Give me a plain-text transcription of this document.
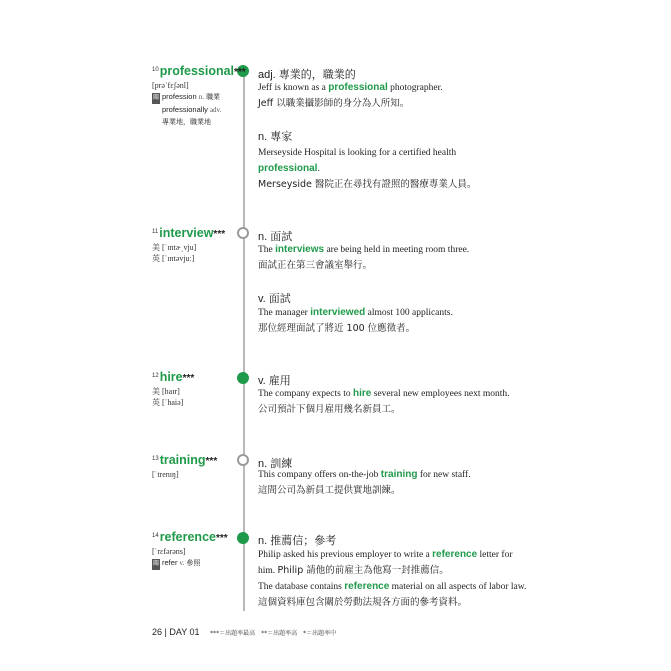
$^{10}$professional***
[prəˈfɛʃənl]
關 profession n. 職業
professionally adv.
專業地，職業地
adj. 專業的，職業的
Jeff is known as a professional photographer.
Jeff 以職業攝影師的身分為人所知。
n. 專家
Merseyside Hospital is looking for a certified health
professional.
Merseyside 醫院正在尋找有證照的醫療專業人員。
$^{11}$interview***
美 [ˈɪntɚ͵vju]
英 [ˈɪntəvjuː]
n. 面試
The interviews are being held in meeting room three.
面試正在第三會議室舉行。
v. 面試
The manager interviewed almost 100 applicants.
那位經理面試了將近 100 位應徵者。
$^{12}$hire***
美 [haɪr]
英 [ˈhaiə]
v. 雇用
The company expects to hire several new employees next month.
公司預計下個月雇用幾名新員工。
$^{13}$training***
[ˈtrenɪŋ]
n. 訓練
This company offers on-the-job training for new staff.
這間公司為新員工提供實地訓練。
$^{14}$reference***
[ˈrɛfərəns]
關 refer v. 參照
n. 推薦信；參考
Philip asked his previous employer to write a reference letter for him. Philip 請他的前雇主為他寫一封推薦信。
The database contains reference material on all aspects of labor law. 這個資料庫包含關於勞動法規各方面的參考資料。
26 | DAY 01 ***＝出題率最高　**＝出題率高　*＝出題率中
